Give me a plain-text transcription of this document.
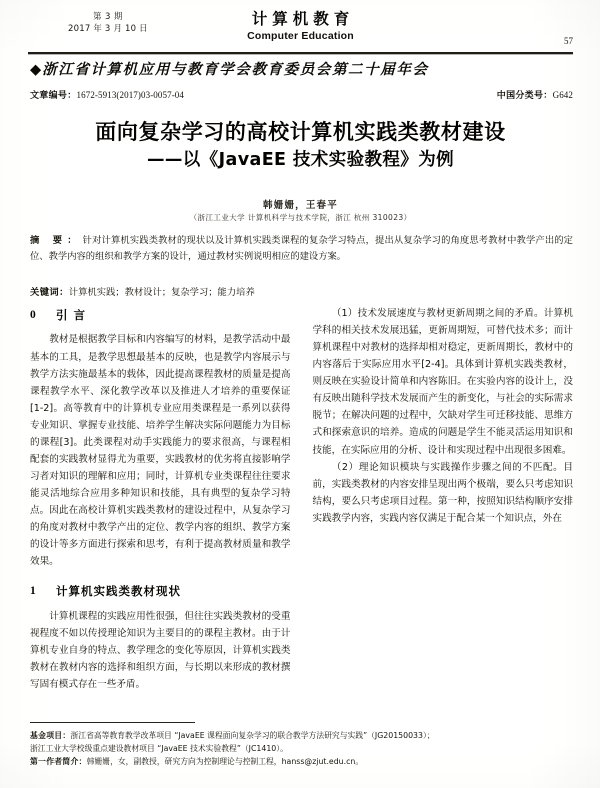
第 3 期
2017 年 3 月 10 日
计算机教育
Computer Education	57
◆浙江省计算机应用与教育学会教育委员会第二十届年会
文章编号：1672-5913(2017)03-0057-04	中国分类号：G642
面向复杂学习的高校计算机实践类教材建设
——以《JavaEE 技术实验教程》为例
韩姗姗，王春平
（浙江工业大学 计算机科学与技术学院，浙江 杭州 310023）
摘 要：针对计算机实践类教材的现状以及计算机实践类课程的复杂学习特点，提出从复杂学习的角度思考教材中教学产出的定位、教学内容的组织和教学方案的设计，通过教材实例说明相应的建设方案。
关键词：计算机实践；教材设计；复杂学习；能力培养
0	引 言

教材是根据教学目标和内容编写的材料，是教学活动中最基本的工具，是教学思想最基本的反映，也是教学内容展示与教学方法实施最基本的载体，因此提高课程教材的质量是提高课程教学水平、深化教学改革以及推进人才培养的重要保证[1-2]。高等教育中的计算机专业应用类课程是一系列以获得专业知识、掌握专业技能、培养学生解决实际问题能力为目标的课程[3]。此类课程对动手实践能力的要求很高，与课程相配套的实践教材显得尤为重要，实践教材的优劣将直接影响学习者对知识的理解和应用；同时，计算机专业类课程往往要求能灵活地综合应用多种知识和技能，具有典型的复杂学习特点。因此在高校计算机实践类教材的建设过程中，从复杂学习的角度对教材中教学产出的定位、教学内容的组织、教学方案的设计等多方面进行探索和思考，有利于提高教材质量和教学效果。

1	计算机实践类教材现状

计算机课程的实践应用性很强，但往往实践类教材的受重视程度不如以传授理论知识为主要目的的课程主教材。由于计算机专业自身的特点、教学理念的变化等原因，计算机实践类教材在教材内容的选择和组织方面，与长期以来形成的教材撰写固有模式存在一些矛盾。

（1）技术发展速度与教材更新周期之间的矛盾。计算机学科的相关技术发展迅猛，更新周期短，可替代技术多；而计算机课程中对教材的选择却相对稳定，更新周期长，教材中的内容落后于实际应用水平[2-4]。具体到计算机实践类教材，则反映在实验设计简单和内容陈旧。在实验内容的设计上，没有反映出随科学技术发展而产生的新变化，与社会的实际需求脱节；在解决问题的过程中，欠缺对学生可迁移技能、思维方式和探索意识的培养。造成的问题是学生不能灵活运用知识和技能，在实际应用的分析、设计和实现过程中出现很多困难。

（2）理论知识模块与实践操作步骤之间的不匹配。目前，实践类教材的内容安排呈现出两个极端，要么只考虑知识结构，要么只考虑项目过程。第一种，按照知识结构顺序安排实践教学内容，实践内容仅满足于配合某一个知识点，外在

基金项目：浙江省高等教育教学改革项目 “JavaEE 课程面向复杂学习的联合教学方法研究与实践”（JG20150033）；
浙江工业大学校级重点建设教材项目 “JavaEE 技术实验教程”（JC1410）。
第一作者简介：韩姗姗，女，副教授，研究方向为控制理论与控制工程，hanss@zjut.edu.cn。
